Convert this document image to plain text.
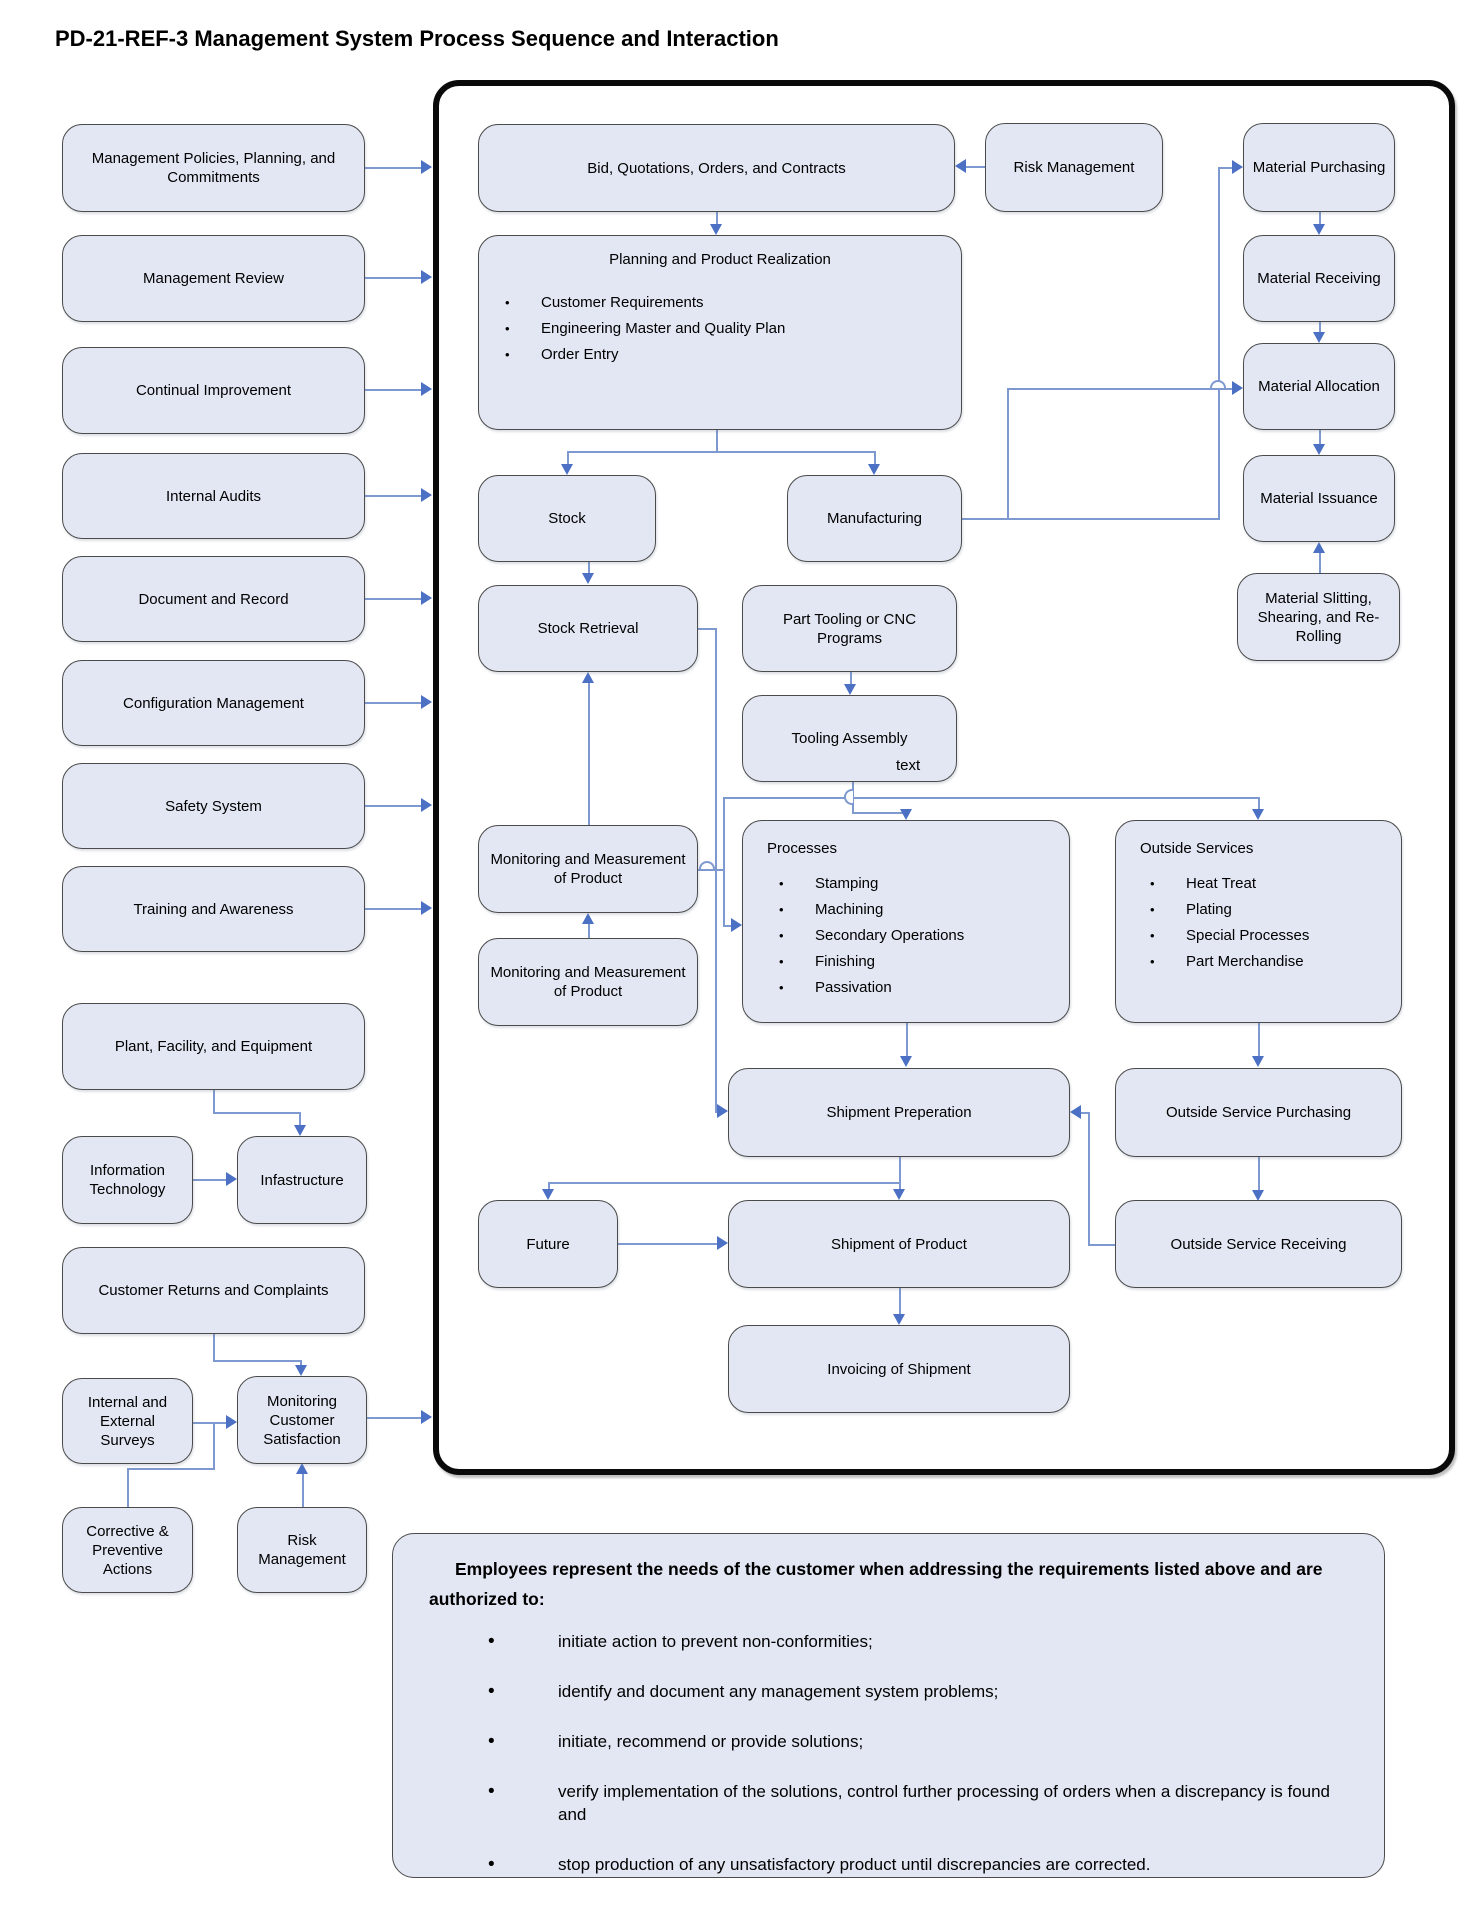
PD-21-REF-3 Management System Process Sequence and Interaction
Management Policies, Planning, and Commitments
Management Review
Continual Improvement
Internal Audits
Document and Record
Configuration Management
Safety System
Training and Awareness
Plant, Facility, and Equipment
Information Technology
Infastructure
Customer Returns and Complaints
Internal and External Surveys
Monitoring Customer Satisfaction
Corrective & Preventive Actions
Risk Management
Bid, Quotations, Orders, and Contracts	Risk Management	Material Purchasing
Material Receiving
Material Allocation
Material Issuance
Material Slitting, Shearing, and Re-Rolling
Planning and Product Realization
•	Customer Requirements
•	Engineering Master and Quality Plan
•	Order Entry
Stock	Manufacturing
Stock Retrieval
Part Tooling or CNC Programs
Tooling Assembly
text
Monitoring and Measurement of Product
Monitoring and Measurement of Product
Processes
•	Stamping
•	Machining
•	Secondary Operations
•	Finishing
•	Passivation
Outside Services
•	Heat Treat
•	Plating
•	Special Processes
•	Part Merchandise
Shipment Preperation	Outside Service Purchasing
Future	Shipment of Product	Outside Service Receiving
Invoicing of Shipment
Employees represent the needs of the customer when addressing the requirements listed above and are authorized to:
•	initiate action to prevent non-conformities;
•	identify and document any management system problems;
•	initiate, recommend or provide solutions;
•	verify implementation of the solutions, control further processing of orders when a discrepancy is found and
•	stop production of any unsatisfactory product until discrepancies are corrected.
